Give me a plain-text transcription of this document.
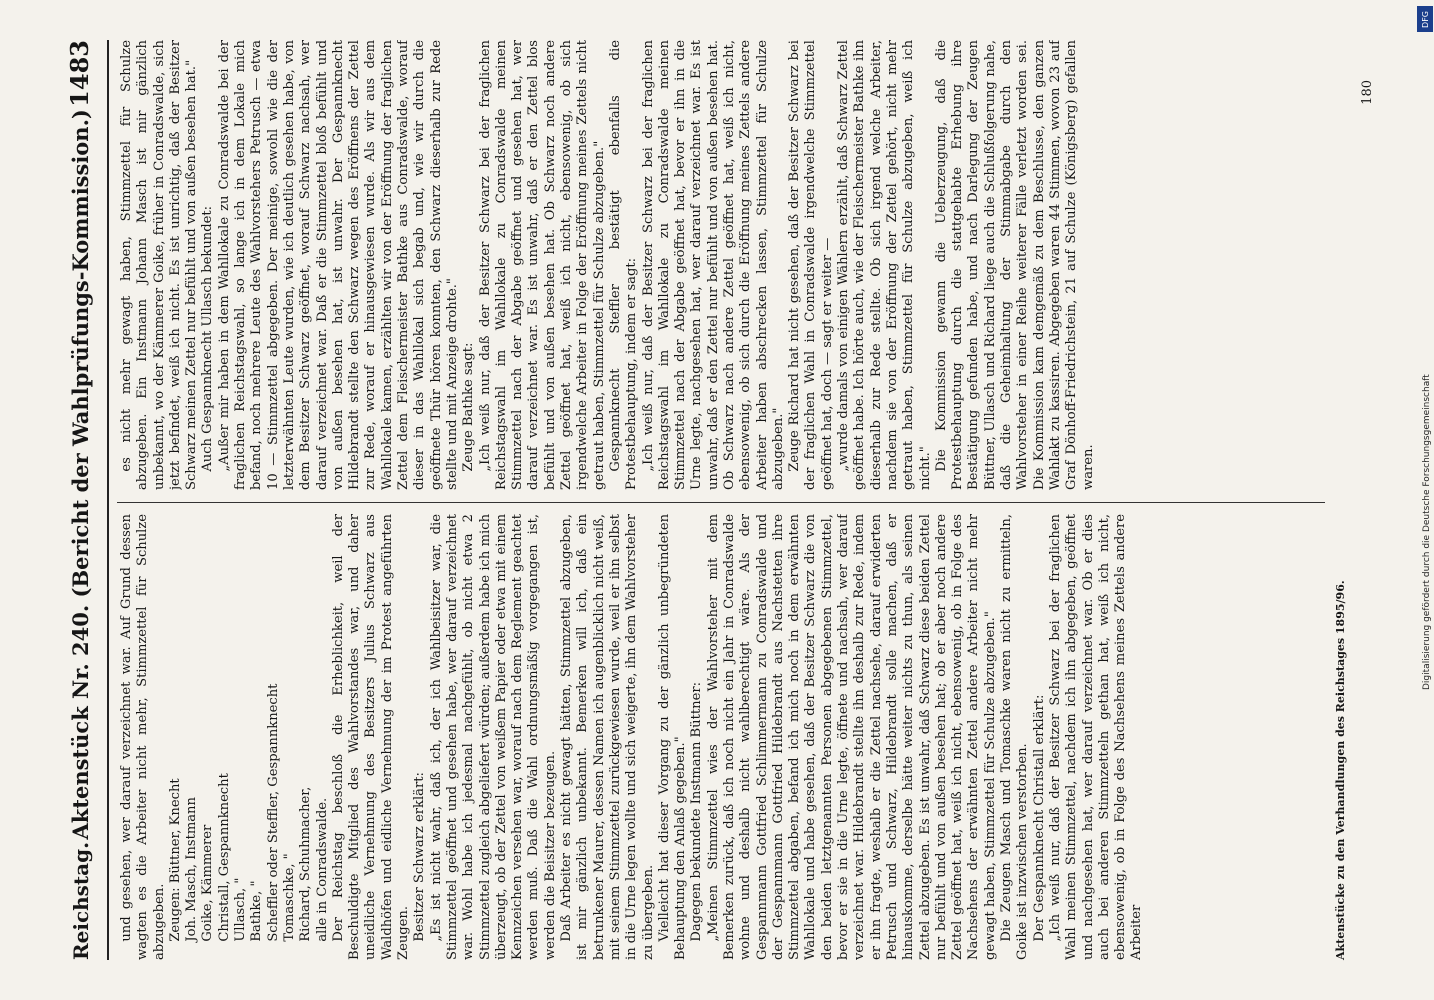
Reichstag.
Aktenstück Nr. 240. (Bericht der Wahlprüfungs-Kommission.)
1483

und gesehen, wer darauf verzeichnet war. Auf Grund dessen wagten es die Arbeiter nicht mehr, Stimmzettel für Schulze abzugeben. Zeugen: Büttner, Knecht Joh. Masch, Instmann Goike, Kämmerer Christall, Gespannknecht Ullasch, " Bathke, " Scheffler oder Steffler, Gespannknecht Tomaschke, " Richard, Schuhmacher, alle in Conradswalde. Der Reichstag beschloß die Erheblichkeit, weil der Beschuldigte Mitglied des Wahlvorstandes war, und daher uneidliche Vernehmung des Besitzers Julius Schwarz aus Waldhöfen und eidliche Vernehmung der im Protest angeführten Zeugen. Besitzer Schwarz erklärt: „Es ist nicht wahr, daß ich, der ich Wahlbeisitzer war, die Stimmzettel geöffnet und gesehen habe, wer darauf verzeichnet war. Wohl habe ich jedesmal nachgefühlt, ob nicht etwa 2 Stimmzettel zugleich abgeliefert würden; außerdem habe ich mich überzeugt, ob der Zettel von weißem Papier oder etwa mit einem Kennzeichen versehen war, worauf nach dem Reglement geachtet werden muß. Daß die Wahl ordnungsmäßig vorgegangen ist, werden die Beisitzer bezeugen. Daß Arbeiter es nicht gewagt hätten, Stimmzettel abzugeben, ist mir gänzlich unbekannt. Bemerken will ich, daß ein betrunkener Maurer, dessen Namen ich augenblicklich nicht weiß, mit seinem Stimmzettel zurückgewiesen wurde, weil er ihn selbst in die Urne legen wollte und sich weigerte, ihn dem Wahlvorsteher zu übergeben. Vielleicht hat dieser Vorgang zu der gänzlich unbegründeten Behauptung den Anlaß gegeben." Dagegen bekundete Instmann Büttner: „Meinen Stimmzettel wies der Wahlvorsteher mit dem Bemerken zurück, daß ich noch nicht ein Jahr in Conradswalde wohne und deshalb nicht wahlberechtigt wäre. Als der Gespannmann Gottfried Schlimmermann zu Conradswalde und der Gespannmann Gottfried Hildebrandt aus Nachstetten ihre Stimmzettel abgaben, befand ich mich noch in dem erwähnten Wahllokale und habe gesehen, daß der Besitzer Schwarz die von den beiden letztgenannten Personen abgegebenen Stimmzettel, bevor er sie in die Urne legte, öffnete und nachsah, wer darauf verzeichnet war. Hildebrandt stellte ihn deshalb zur Rede, indem er ihn fragte, weshalb er die Zettel nachsehe, darauf erwiderten Petrusch und Schwarz, Hildebrandt solle machen, daß er hinauskomme, derselbe hätte weiter nichts zu thun, als seinen Zettel abzugeben. Es ist unwahr, daß Schwarz diese beiden Zettel nur befühlt und von außen besehen hat; ob er aber noch andere Zettel geöffnet hat, weiß ich nicht, ebensowenig, ob in Folge des Nachsehens der erwähnten Zettel andere Arbeiter nicht mehr gewagt haben, Stimmzettel für Schulze abzugeben." Die Zeugen Masch und Tomaschke waren nicht zu ermitteln, Goike ist inzwischen verstorben. Der Gespannknecht Christall erklärt: „Ich weiß nur, daß der Besitzer Schwarz bei der fraglichen Wahl meinen Stimmzettel, nachdem ich ihn abgegeben, geöffnet und nachgesehen hat, wer darauf verzeichnet war. Ob er dies auch bei anderen Stimmzetteln gethan hat, weiß ich nicht, ebensowenig, ob in Folge des Nachsehens meines Zettels andere Arbeiter

es nicht mehr gewagt haben, Stimmzettel für Schulze abzugeben. Ein Instmann Johann Masch ist mir gänzlich unbekannt, wo der Kämmerer Goike, früher in Conradswalde, sich jetzt befindet, weiß ich nicht. Es ist unrichtig, daß der Besitzer Schwarz meinen Zettel nur befühlt und von außen besehen hat." Auch Gespannknecht Ullasch bekundet: „Außer mir haben in dem Wahllokale zu Conradswalde bei der fraglichen Reichstagswahl, so lange ich in dem Lokale mich befand, noch mehrere Leute des Wahlvorstehers Petrusch — etwa 10 — Stimmzettel abgegeben. Der meinige, sowohl wie die der letzterwähnten Leute wurden, wie ich deutlich gesehen habe, von dem Besitzer Schwarz geöffnet, worauf Schwarz nachsah, wer darauf verzeichnet war. Daß er die Stimmzettel bloß befühlt und von außen besehen hat, ist unwahr. Der Gespannknecht Hildebrandt stellte den Schwarz wegen des Eröffnens der Zettel zur Rede, worauf er hinausgewiesen wurde. Als wir aus dem Wahllokale kamen, erzählten wir von der Eröffnung der fraglichen Zettel dem Fleischermeister Bathke aus Conradswalde, worauf dieser in das Wahllokal sich begab und, wie wir durch die geöffnete Thür hören konnten, den Schwarz dieserhalb zur Rede stellte und mit Anzeige drohte." Zeuge Bathke sagt: „Ich weiß nur, daß der Besitzer Schwarz bei der fraglichen Reichstagswahl im Wahllokale zu Conradswalde meinen Stimmzettel nach der Abgabe geöffnet und gesehen hat, wer darauf verzeichnet war. Es ist unwahr, daß er den Zettel blos befühlt und von außen besehen hat. Ob Schwarz noch andere Zettel geöffnet hat, weiß ich nicht, ebensowenig, ob sich irgendwelche Arbeiter in Folge der Eröffnung meines Zettels nicht getraut haben, Stimmzettel für Schulze abzugeben." Gespannknecht Steffler bestätigt ebenfalls die Protestbehauptung, indem er sagt: „Ich weiß nur, daß der Besitzer Schwarz bei der fraglichen Reichstagswahl im Wahllokale zu Conradswalde meinen Stimmzettel nach der Abgabe geöffnet hat, bevor er ihn in die Urne legte, nachgesehen hat, wer darauf verzeichnet war. Es ist unwahr, daß er den Zettel nur befühlt und von außen besehen hat. Ob Schwarz nach andere Zettel geöffnet hat, weiß ich nicht, ebensowenig, ob sich durch die Eröffnung meines Zettels andere Arbeiter haben abschrecken lassen, Stimmzettel für Schulze abzugeben." Zeuge Richard hat nicht gesehen, daß der Besitzer Schwarz bei der fraglichen Wahl in Conradswalde irgendwelche Stimmzettel geöffnet hat, doch — sagt er weiter — „wurde damals von einigen Wählern erzählt, daß Schwarz Zettel geöffnet habe. Ich hörte auch, wie der Fleischermeister Bathke ihn dieserhalb zur Rede stellte. Ob sich irgend welche Arbeiter, nachdem sie von der Eröffnung der Zettel gehört, nicht mehr getraut haben, Stimmzettel für Schulze abzugeben, weiß ich nicht." Die Kommission gewann die Ueberzeugung, daß die Protestbehauptung durch die stattgehabte Erhebung ihre Bestätigung gefunden habe, und nach Darlegung der Zeugen Büttner, Ullasch und Richard liege auch die Schlußfolgerung nahe, daß die Geheimhaltung der Stimmabgabe durch den Wahlvorsteher in einer Reihe weiterer Fälle verletzt worden sei. Die Kommission kam demgemäß zu dem Beschlusse, den ganzen Wahlakt zu kassiren. Abgegeben waren 44 Stimmen, wovon 23 auf Graf Dönhoff-Friedrichstein, 21 auf Schulze (Königsberg) gefallen waren.

Aktenstücke zu den Verhandlungen des Reichstages 1895/96.
180
DFG
Digitalisierung gefördert durch die Deutsche Forschungsgemeinschaft
